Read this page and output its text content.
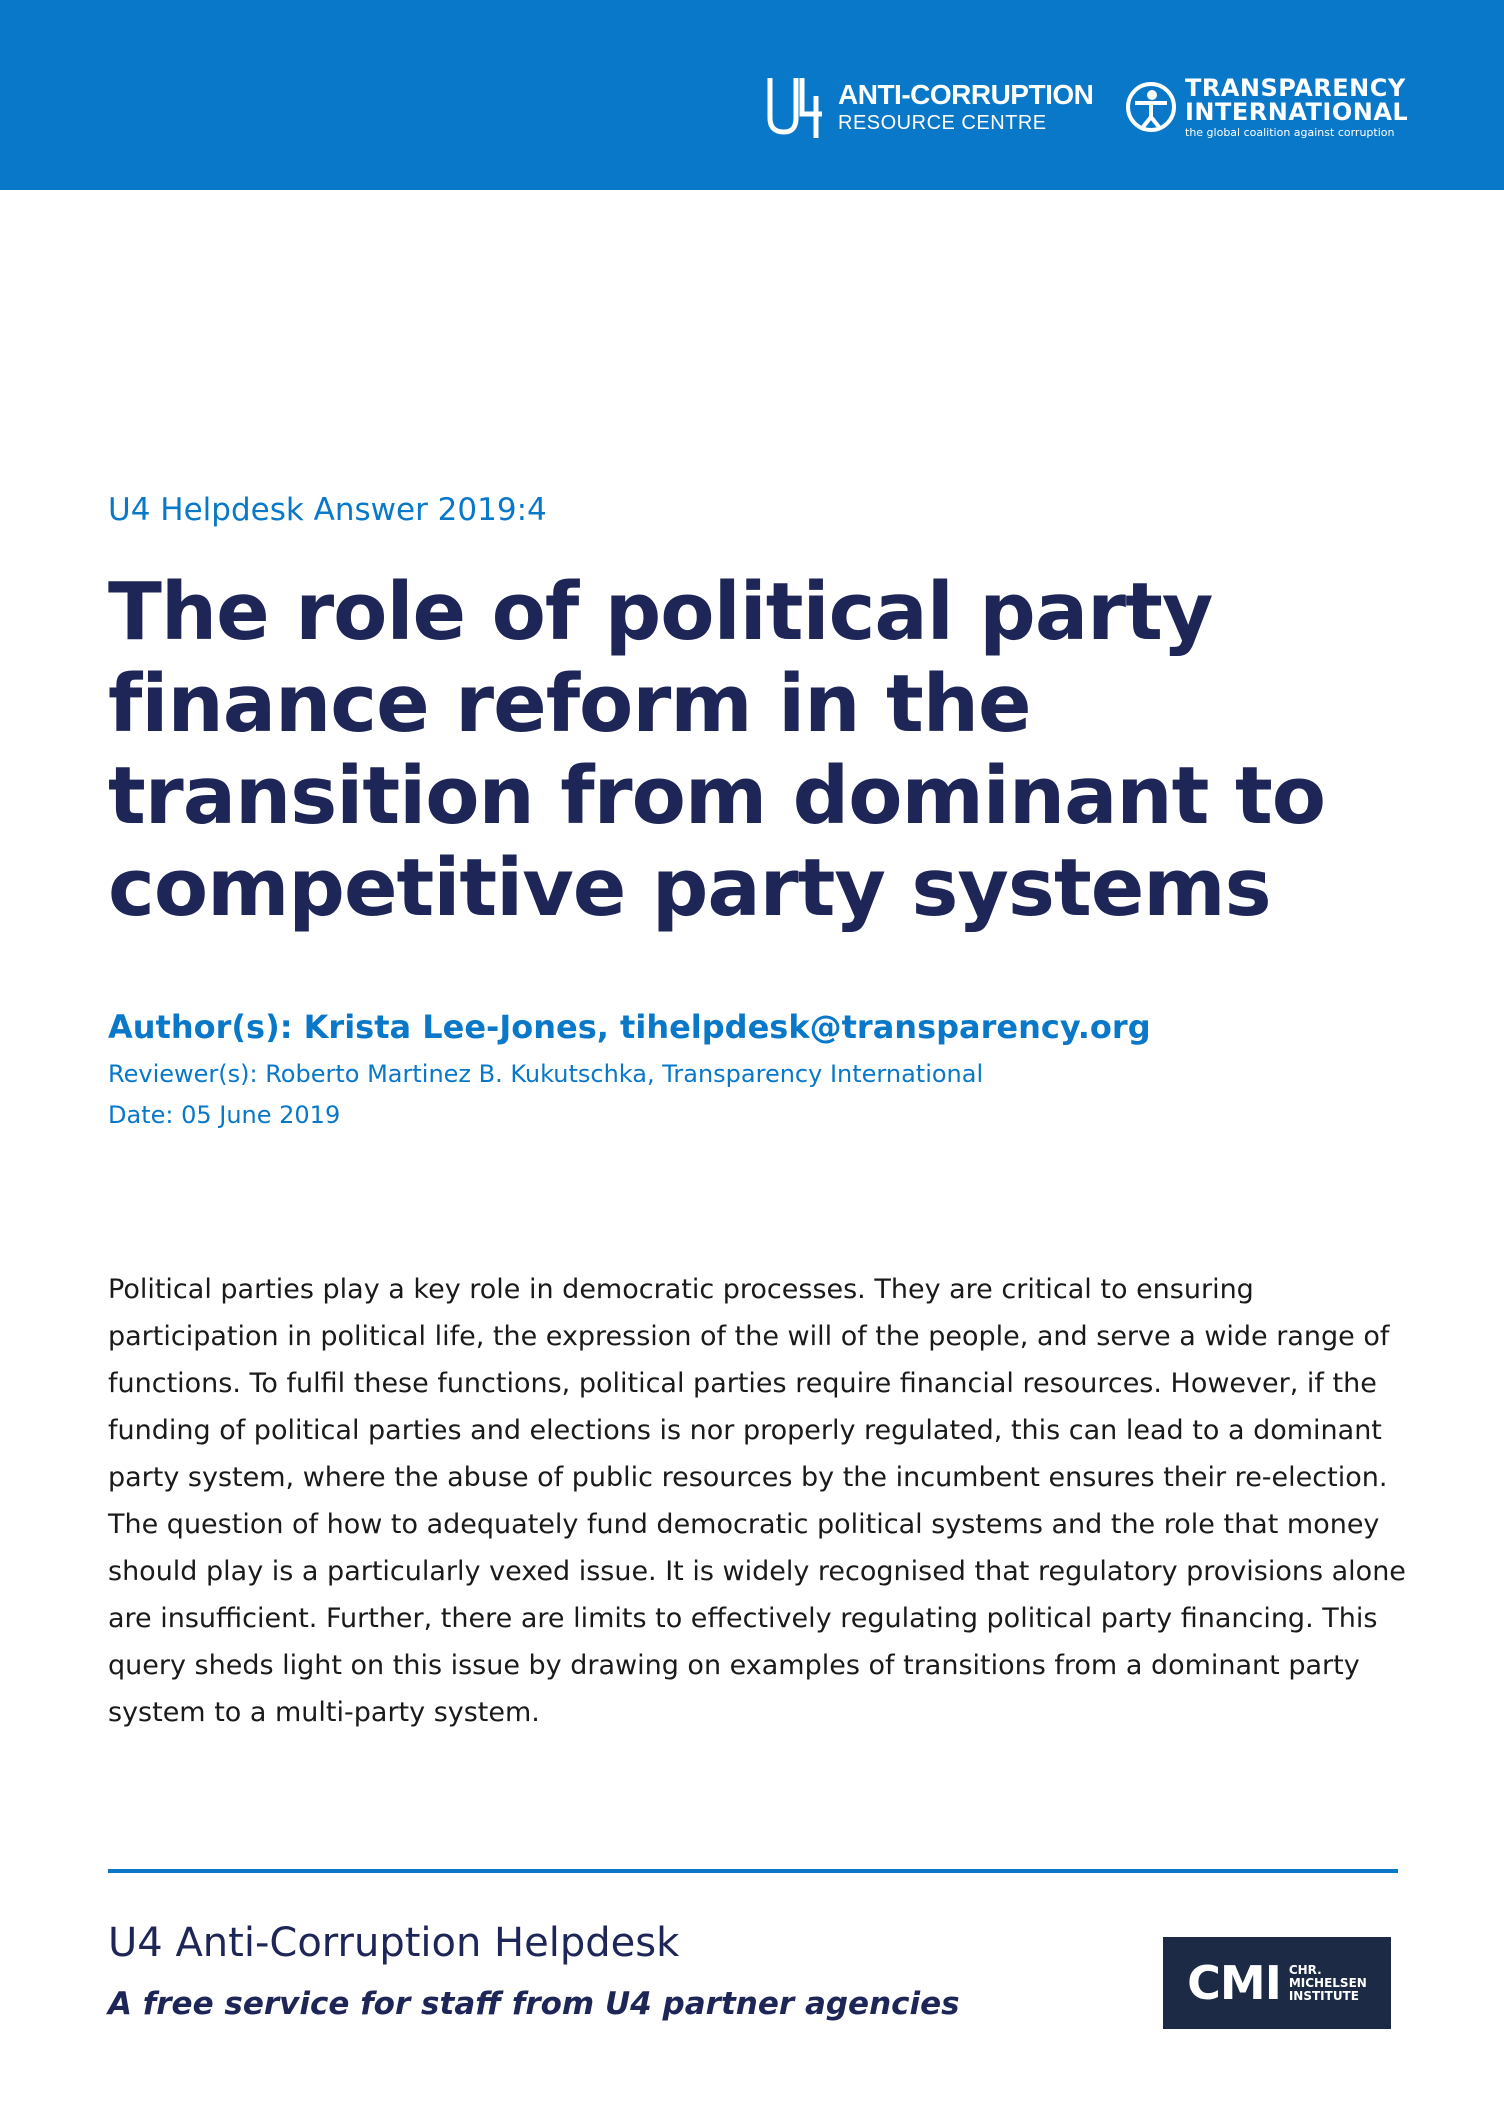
ANTI-CORRUPTION
RESOURCE CENTRE
TRANSPARENCY
INTERNATIONAL
the global coalition against corruption

U4 Helpdesk Answer 2019:4

The role of political party finance reform in the transition from dominant to competitive party systems
Author(s): Krista Lee-Jones, tihelpdesk@transparency.org
Reviewer(s): Roberto Martinez B. Kukutschka, Transparency International
Date: 05 June 2019

Political parties play a key role in democratic processes. They are critical to ensuring participation in political life, the expression of the will of the people, and serve a wide range of functions. To fulfil these functions, political parties require financial resources. However, if the funding of political parties and elections is nor properly regulated, this can lead to a dominant party system, where the abuse of public resources by the incumbent ensures their re-election. The question of how to adequately fund democratic political systems and the role that money should play is a particularly vexed issue. It is widely recognised that regulatory provisions alone are insufficient. Further, there are limits to effectively regulating political party financing. This query sheds light on this issue by drawing on examples of transitions from a dominant party system to a multi-party system.

U4 Anti-Corruption Helpdesk
A free service for staff from U4 partner agencies	CMI CHR.
MICHELSEN
INSTITUTE
